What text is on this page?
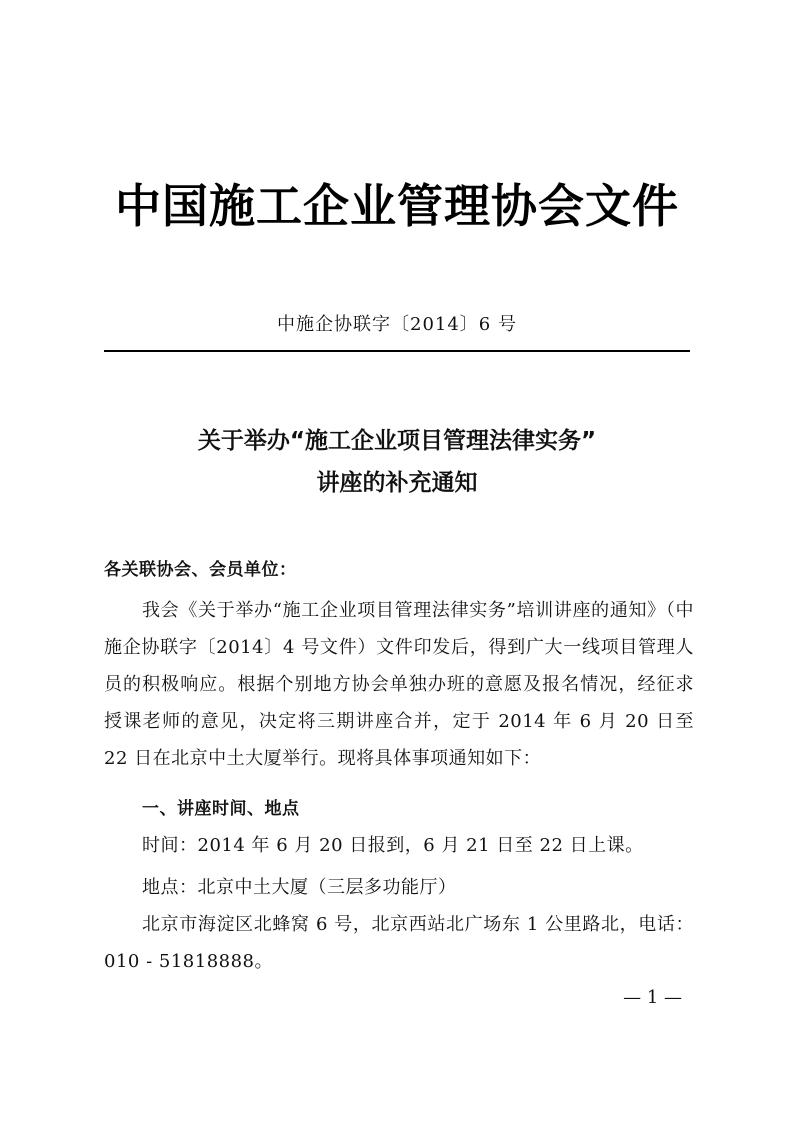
中国施工企业管理协会文件
中施企协联字〔2014〕6 号
关于举办“施工企业项目管理法律实务”
讲座的补充通知
各关联协会、会员单位：
我会《关于举办“施工企业项目管理法律实务”培训讲座的通知》（中施企协联字〔2014〕4 号文件）文件印发后，得到广大一线项目管理人员的积极响应。根据个别地方协会单独办班的意愿及报名情况，经征求授课老师的意见，决定将三期讲座合并，定于 2014 年 6 月 20 日至 22 日在北京中土大厦举行。现将具体事项通知如下：
一、讲座时间、地点
时间：2014 年 6 月 20 日报到，6 月 21 日至 22 日上课。
地点：北京中土大厦（三层多功能厅）
北京市海淀区北蜂窝 6 号，北京西站北广场东 1 公里路北，电话：010 - 51818888。
— 1 —
